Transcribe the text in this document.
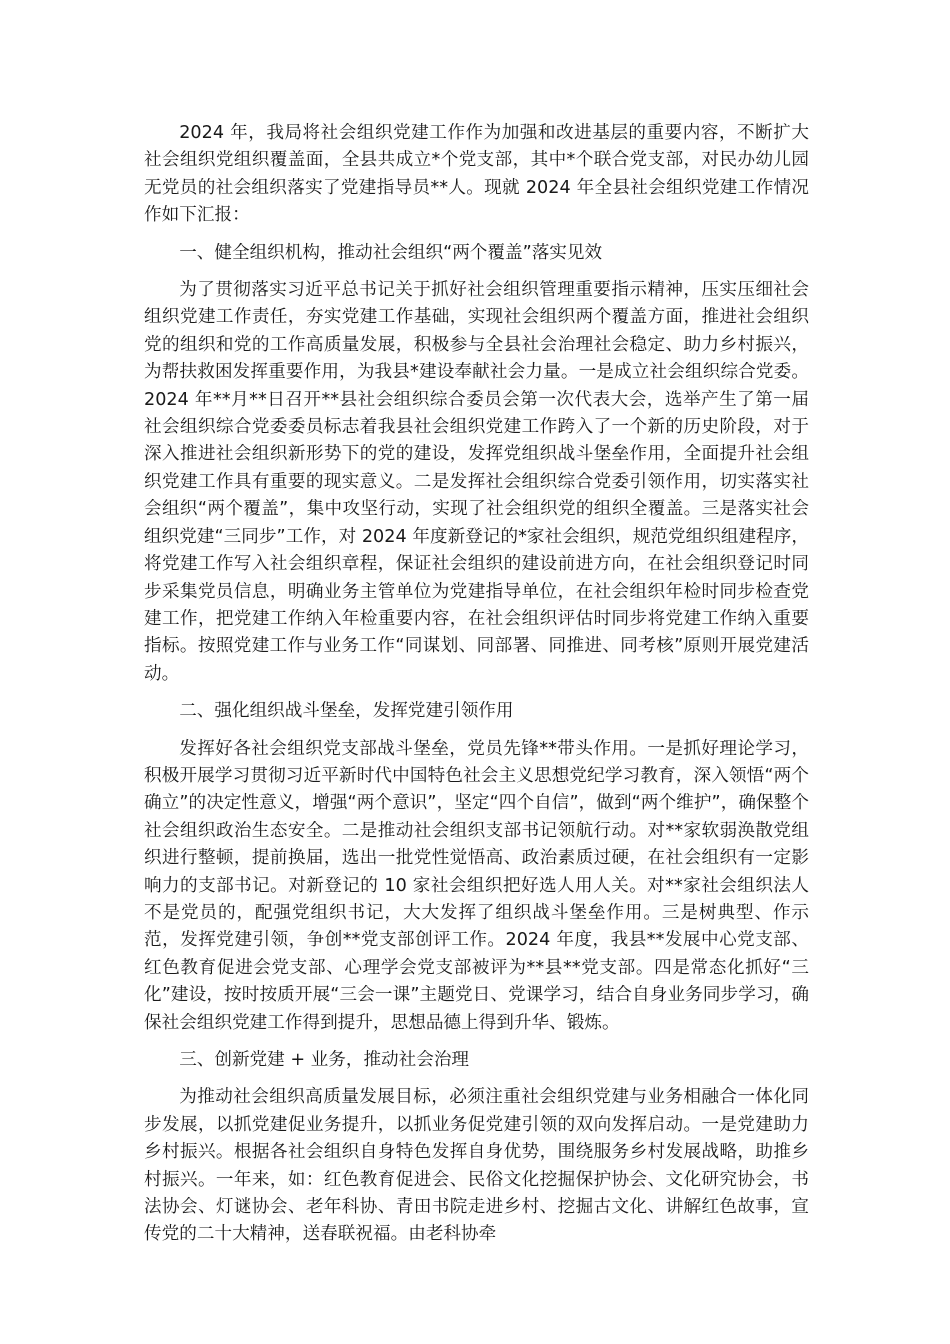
2024 年，我局将社会组织党建工作作为加强和改进基层的重要内容，不断扩大社会组织党组织覆盖面，全县共成立*个党支部，其中*个联合党支部，对民办幼儿园无党员的社会组织落实了党建指导员**人。现就 2024 年全县社会组织党建工作情况作如下汇报：

一、健全组织机构，推动社会组织“两个覆盖”落实见效

为了贯彻落实习近平总书记关于抓好社会组织管理重要指示精神，压实压细社会组织党建工作责任，夯实党建工作基础，实现社会组织两个覆盖方面，推进社会组织党的组织和党的工作高质量发展，积极参与全县社会治理社会稳定、助力乡村振兴，为帮扶救困发挥重要作用，为我县*建设奉献社会力量。一是成立社会组织综合党委。2024 年**月**日召开**县社会组织综合委员会第一次代表大会，选举产生了第一届社会组织综合党委委员标志着我县社会组织党建工作跨入了一个新的历史阶段，对于深入推进社会组织新形势下的党的建设，发挥党组织战斗堡垒作用，全面提升社会组织党建工作具有重要的现实意义。二是发挥社会组织综合党委引领作用，切实落实社会组织“两个覆盖”，集中攻坚行动，实现了社会组织党的组织全覆盖。三是落实社会组织党建“三同步”工作，对 2024 年度新登记的*家社会组织，规范党组织组建程序，将党建工作写入社会组织章程，保证社会组织的建设前进方向，在社会组织登记时同步采集党员信息，明确业务主管单位为党建指导单位，在社会组织年检时同步检查党建工作，把党建工作纳入年检重要内容，在社会组织评估时同步将党建工作纳入重要指标。按照党建工作与业务工作“同谋划、同部署、同推进、同考核”原则开展党建活动。

二、强化组织战斗堡垒，发挥党建引领作用

发挥好各社会组织党支部战斗堡垒，党员先锋**带头作用。一是抓好理论学习，积极开展学习贯彻习近平新时代中国特色社会主义思想党纪学习教育，深入领悟“两个确立”的决定性意义，增强“两个意识”，坚定“四个自信”，做到“两个维护”，确保整个社会组织政治生态安全。二是推动社会组织支部书记领航行动。对**家软弱涣散党组织进行整顿，提前换届，选出一批党性觉悟高、政治素质过硬，在社会组织有一定影响力的支部书记。对新登记的 10 家社会组织把好选人用人关。对**家社会组织法人不是党员的，配强党组织书记，大大发挥了组织战斗堡垒作用。三是树典型、作示范，发挥党建引领，争创**党支部创评工作。2024 年度，我县**发展中心党支部、红色教育促进会党支部、心理学会党支部被评为**县**党支部。四是常态化抓好“三化”建设，按时按质开展“三会一课”主题党日、党课学习，结合自身业务同步学习，确保社会组织党建工作得到提升，思想品德上得到升华、锻炼。

三、创新党建 + 业务，推动社会治理

为推动社会组织高质量发展目标，必须注重社会组织党建与业务相融合一体化同步发展，以抓党建促业务提升，以抓业务促党建引领的双向发挥启动。一是党建助力乡村振兴。根据各社会组织自身特色发挥自身优势，围绕服务乡村发展战略，助推乡村振兴。一年来，如：红色教育促进会、民俗文化挖掘保护协会、文化研究协会，书法协会、灯谜协会、老年科协、青田书院走进乡村、挖掘古文化、讲解红色故事，宣传党的二十大精神，送春联祝福。由老科协牵
